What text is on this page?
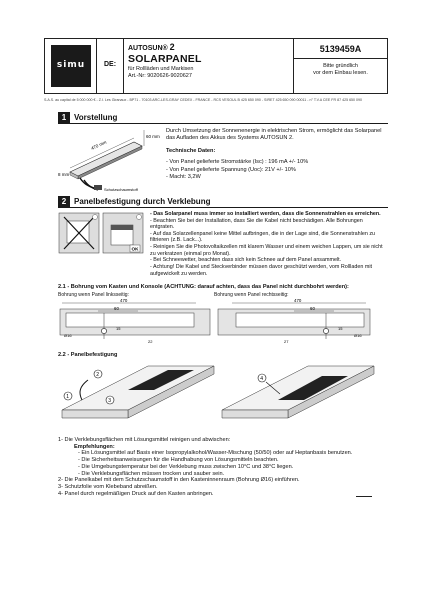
simu	DE:
AUTOSUN® 2
SOLARPANEL
für Rollläden und Markisen
Art.-Nr: 9020626-9020627
5139459A
Bitte gründlich
vor dem Einbau lesen.
S.A.S. au capital de 5 000 000 € - Z.I. Les Giranaux - BP71 - 70103 ARC-LES-GRAY CEDEX - FRANCE - RCS VESOUL B 425 650 090 - SIRET 425 650 090 00011 - n° T.V.A CEE FR 87 425 650 090
1 Vorstellung
470 mm
60 mm
8 mm
Schutzschaumstoff
Durch Umsetzung der Sonnenenergie in elektrischen Strom, ermöglicht das Solarpanel das Aufladen des Akkus des Systems AUTOSUN 2.
Technische Daten:
- Von Panel gelieferte Stromstärke (Isc) : 196 mA +/- 10%
- Von Panel gelieferte Spannung (Uoc): 21V +/- 10%
- Macht: 3,2W
2 Panelbefestigung durch Verklebung
OK
- Das Solarpanel muss immer so installiert werden, dass die Sonnenstrahlen es erreichen.
- Beachten Sie bei der Installation, dass Sie die Kabel nicht beschädigen. Alle Bohrungen entgraten.
- Auf das Solarzellenpanel keine Mittel aufbringen, die in der Lage sind, die Sonnenstrahlen zu filtrieren (z.B. Lack...).
- Reinigen Sie die Photovoltaikzellen mit klarem Wasser und einem weichen Lappen, um sie nicht zu verkratzen (einmal pro Monat).
- Bei Schneewetter, beachten dass sich kein Schnee auf dem Panel ansammelt.
- Achtung! Die Kabel und Steckverbinder müssen davor geschützt werden, vom Rollladen mit aufgewickelt zu werden.
2.1 - Bohrung vom Kasten und Konsole (ACHTUNG: darauf achten, dass das Panel nicht durchbohrt werden):
Bohrung wenn Panel linksseitig:	Bohrung wenn Panel rechtsseitig:
470
60
15
Ø16
22
470
60
15
Ø16
27
2.2 - Panelbefestigung
1
2
3
4
1- Die Verklebungsflächen mit Lösungsmittel reinigen und abwischen:
Empfehlungen:
- Ein Lösungsmittel auf Basis einer Isopropylalkohol/Wasser-Mischung (50/50) oder auf Heptanbasis benutzen.
- Die Sicherheitsanweisungen für die Handhabung von Lösungsmitteln beachten.
- Die Umgebungstemperatur bei der Verklebung muss zwischen 10°C und 38°C liegen.
- Die Verklebungsflächen müssen trocken und sauber sein.
2- Die Panelkabel mit dem Schutzschaumstoff in den Kasteninnenraum (Bohrung Ø16) einführen.
3- Schutzfolie vom Klebeband abreißen.
4- Panel durch regelmäßigen Druck auf den Kasten anbringen.
